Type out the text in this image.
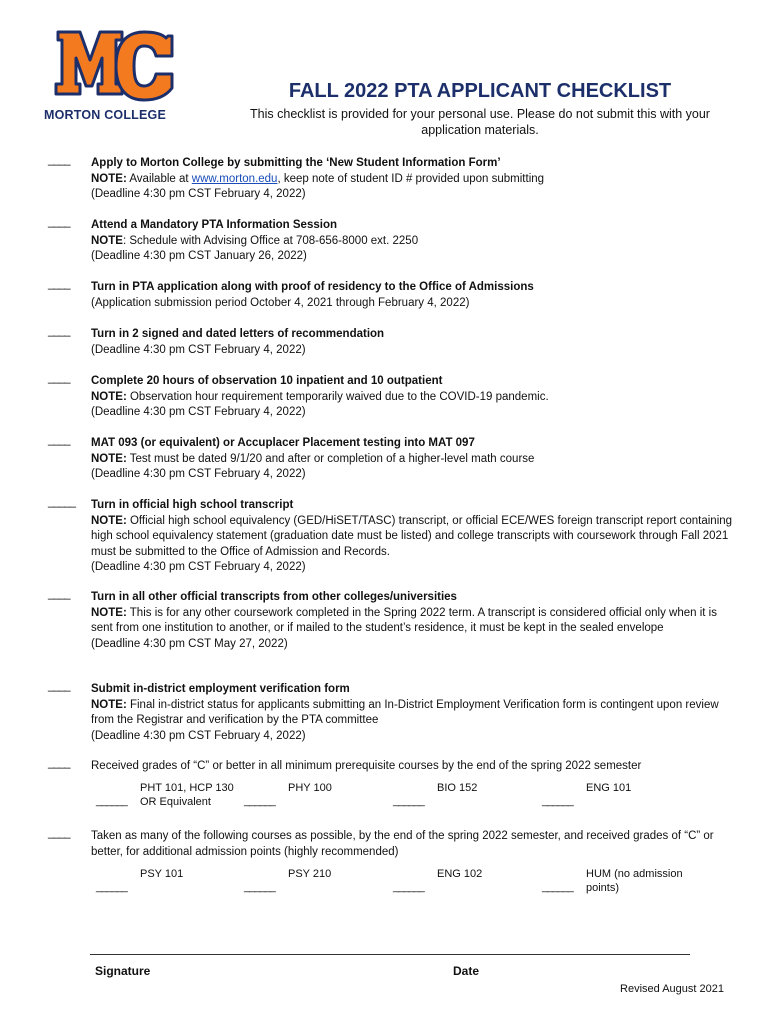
MORTON COLLEGE
FALL 2022 PTA APPLICANT CHECKLIST
This checklist is provided for your personal use. Please do not submit this with your application materials.
____ Apply to Morton College by submitting the ‘New Student Information Form’
NOTE: Available at www.morton.edu, keep note of student ID # provided upon submitting
(Deadline 4:30 pm CST February 4, 2022)
____ Attend a Mandatory PTA Information Session
NOTE: Schedule with Advising Office at 708-656-8000 ext. 2250
(Deadline 4:30 pm CST January 26, 2022)
____ Turn in PTA application along with proof of residency to the Office of Admissions
(Application submission period October 4, 2021 through February 4, 2022)
____ Turn in 2 signed and dated letters of recommendation
(Deadline 4:30 pm CST February 4, 2022)
____ Complete 20 hours of observation 10 inpatient and 10 outpatient
NOTE: Observation hour requirement temporarily waived due to the COVID-19 pandemic.
(Deadline 4:30 pm CST February 4, 2022)
____ MAT 093 (or equivalent) or Accuplacer Placement testing into MAT 097
NOTE: Test must be dated 9/1/20 and after or completion of a higher-level math course
(Deadline 4:30 pm CST February 4, 2022)
_____ Turn in official high school transcript
NOTE: Official high school equivalency (GED/HiSET/TASC) transcript, or official ECE/WES foreign transcript report containing high school equivalency statement (graduation date must be listed) and college transcripts with coursework through Fall 2021 must be submitted to the Office of Admission and Records.
(Deadline 4:30 pm CST February 4, 2022)
____ Turn in all other official transcripts from other colleges/universities
NOTE: This is for any other coursework completed in the Spring 2022 term. A transcript is considered official only when it is sent from one institution to another, or if mailed to the student’s residence, it must be kept in the sealed envelope
(Deadline 4:30 pm CST May 27, 2022)
____ Submit in-district employment verification form
NOTE: Final in-district status for applicants submitting an In-District Employment Verification form is contingent upon review from the Registrar and verification by the PTA committee
(Deadline 4:30 pm CST February 4, 2022)
____ Received grades of “C” or better in all minimum prerequisite courses by the end of the spring 2022 semester
______
PHT 101, HCP 130 OR Equivalent	______
PHY 100
______
BIO 152
______
ENG 101
____ Taken as many of the following courses as possible, by the end of the spring 2022 semester, and received grades of “C” or better, for additional admission points (highly recommended)
______
PSY 101
______
PSY 210
______
ENG 102
______
HUM (no admission points)
Signature	Date
Revised August 2021
